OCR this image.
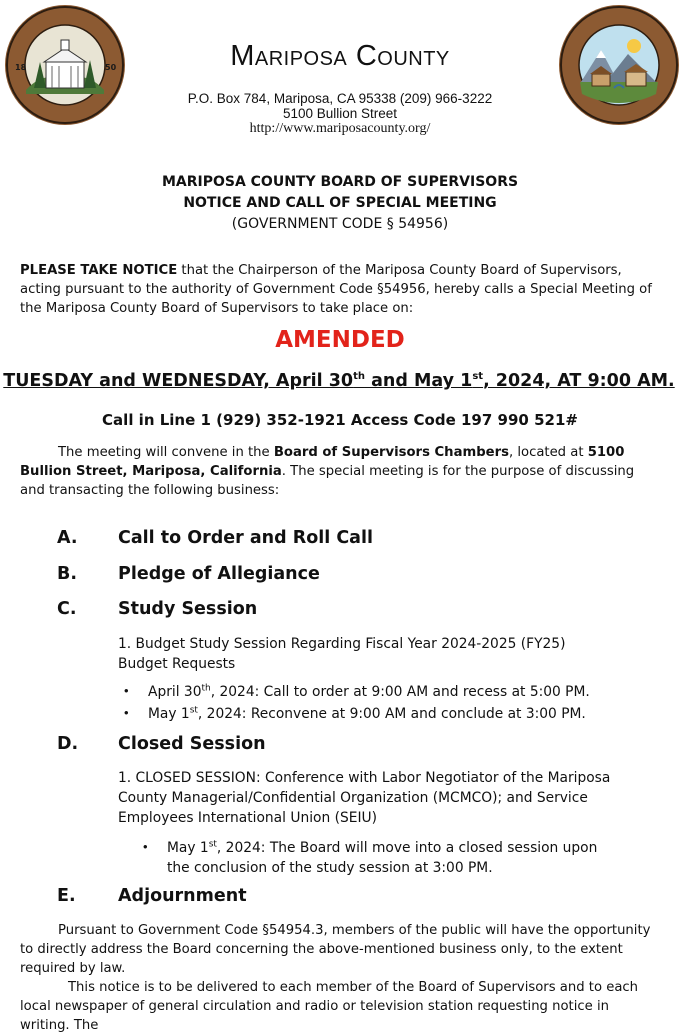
18	50	Mariposa County
P.O. Box 784, Mariposa, CA 95338 (209) 966-3222
5100 Bullion Street
http://www.mariposacounty.org/
MARIPOSA COUNTY BOARD OF SUPERVISORS
NOTICE AND CALL OF SPECIAL MEETING
(GOVERNMENT CODE § 54956)
PLEASE TAKE NOTICE that the Chairperson of the Mariposa County Board of Supervisors, acting pursuant to the authority of Government Code §54956, hereby calls a Special Meeting of the Mariposa County Board of Supervisors to take place on:
AMENDED
TUESDAY and WEDNESDAY, April 30th and May 1st, 2024, AT 9:00 AM.
Call in Line 1 (929) 352-1921 Access Code 197 990 521#
The meeting will convene in the Board of Supervisors Chambers, located at 5100 Bullion Street, Mariposa, California. The special meeting is for the purpose of discussing and transacting the following business:
A. Call to Order and Roll Call
B. Pledge of Allegiance
C. Study Session
1. Budget Study Session Regarding Fiscal Year 2024-2025 (FY25) Budget Requests
• April 30th, 2024: Call to order at 9:00 AM and recess at 5:00 PM.
• May 1st, 2024: Reconvene at 9:00 AM and conclude at 3:00 PM.
D. Closed Session
1. CLOSED SESSION: Conference with Labor Negotiator of the Mariposa County Managerial/Confidential Organization (MCMCO); and Service Employees International Union (SEIU)
• May 1st, 2024: The Board will move into a closed session upon the conclusion of the study session at 3:00 PM.
E. Adjournment
Pursuant to Government Code §54954.3, members of the public will have the opportunity to directly address the Board concerning the above-mentioned business only, to the extent required by law.
This notice is to be delivered to each member of the Board of Supervisors and to each local newspaper of general circulation and radio or television station requesting notice in writing. The
